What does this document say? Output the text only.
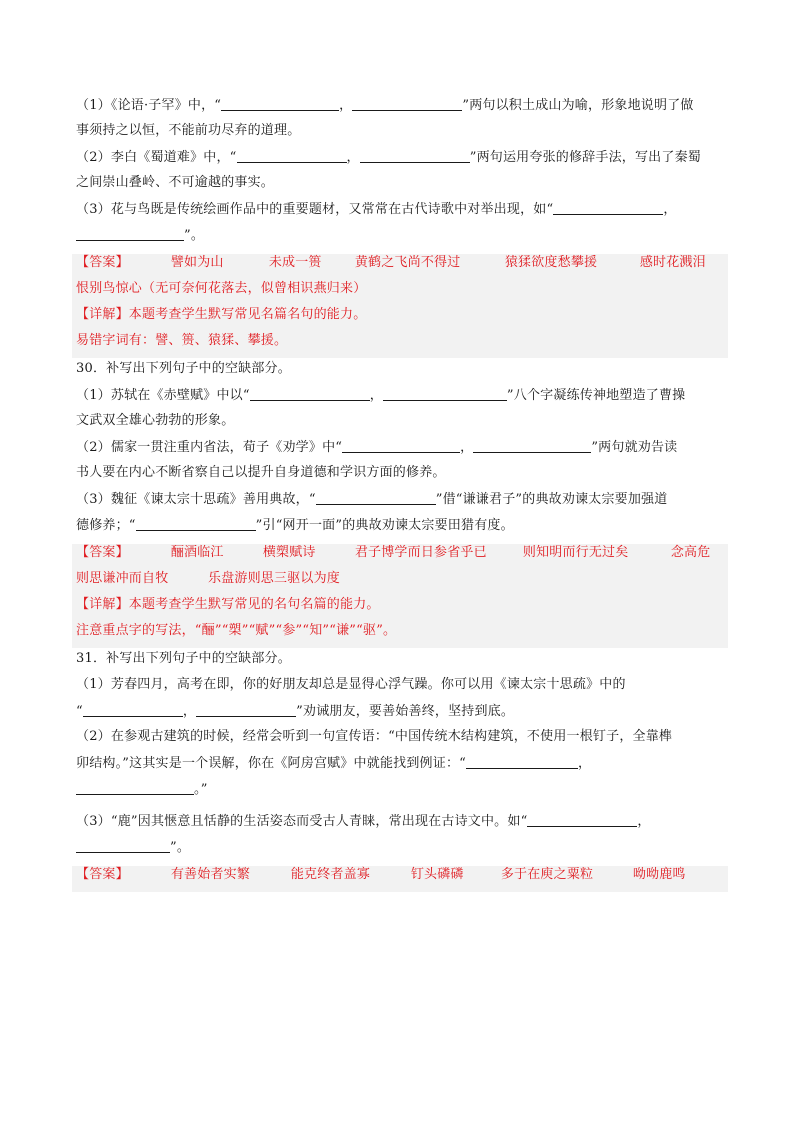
（1）《论语·子罕》中，“	，	”两句以积土成山为喻，形象地说明了做
事须持之以恒，不能前功尽弃的道理。
（2）李白《蜀道难》中，“	，	”两句运用夸张的修辞手法，写出了秦蜀
之间崇山叠岭、不可逾越的事实。
（3）花与鸟既是传统绘画作品中的重要题材，又常常在古代诗歌中对举出现，如“	，
”。
【答案】	譬如为山	未成一篑	黄鹤之飞尚不得过	猿猱欲度愁攀援	感时花溅泪
恨别鸟惊心（无可奈何花落去，似曾相识燕归来）
【详解】本题考查学生默写常见名篇名句的能力。
易错字词有：譬、篑、猿猱、攀援。
30．补写出下列句子中的空缺部分。
（1）苏轼在《赤壁赋》中以“	，	”八个字凝练传神地塑造了曹操
文武双全雄心勃勃的形象。
（2）儒家一贯注重内省法，荀子《劝学》中“	，	”两句就劝告读
书人要在内心不断省察自己以提升自身道德和学识方面的修养。
（3）魏征《谏太宗十思疏》善用典故，“	”借“谦谦君子”的典故劝谏太宗要加强道
德修养；“	”引“网开一面”的典故劝谏太宗要田猎有度。
【答案】	酾酒临江	横槊赋诗	君子博学而日参省乎已	则知明而行无过矣	念高危
则思谦冲而自牧	乐盘游则思三驱以为度
【详解】本题考查学生默写常见的名句名篇的能力。
注意重点字的写法，“酾”“槊”“赋”“参”“知”“谦”“驱”。
31．补写出下列句子中的空缺部分。
（1）芳春四月，高考在即，你的好朋友却总是显得心浮气躁。你可以用《谏太宗十思疏》中的
“	，	”劝诫朋友，要善始善终，坚持到底。
（2）在参观古建筑的时候，经常会听到一句宣传语：“中国传统木结构建筑，不使用一根钉子，全靠榫
卯结构。”这其实是一个误解，你在《阿房宫赋》中就能找到例证：“	，
。”
（3）“鹿”因其惬意且恬静的生活姿态而受古人青睐，常出现在古诗文中。如“	，
”。
【答案】	有善始者实繁	能克终者盖寡	钉头磷磷	多于在庾之粟粒	呦呦鹿鸣
